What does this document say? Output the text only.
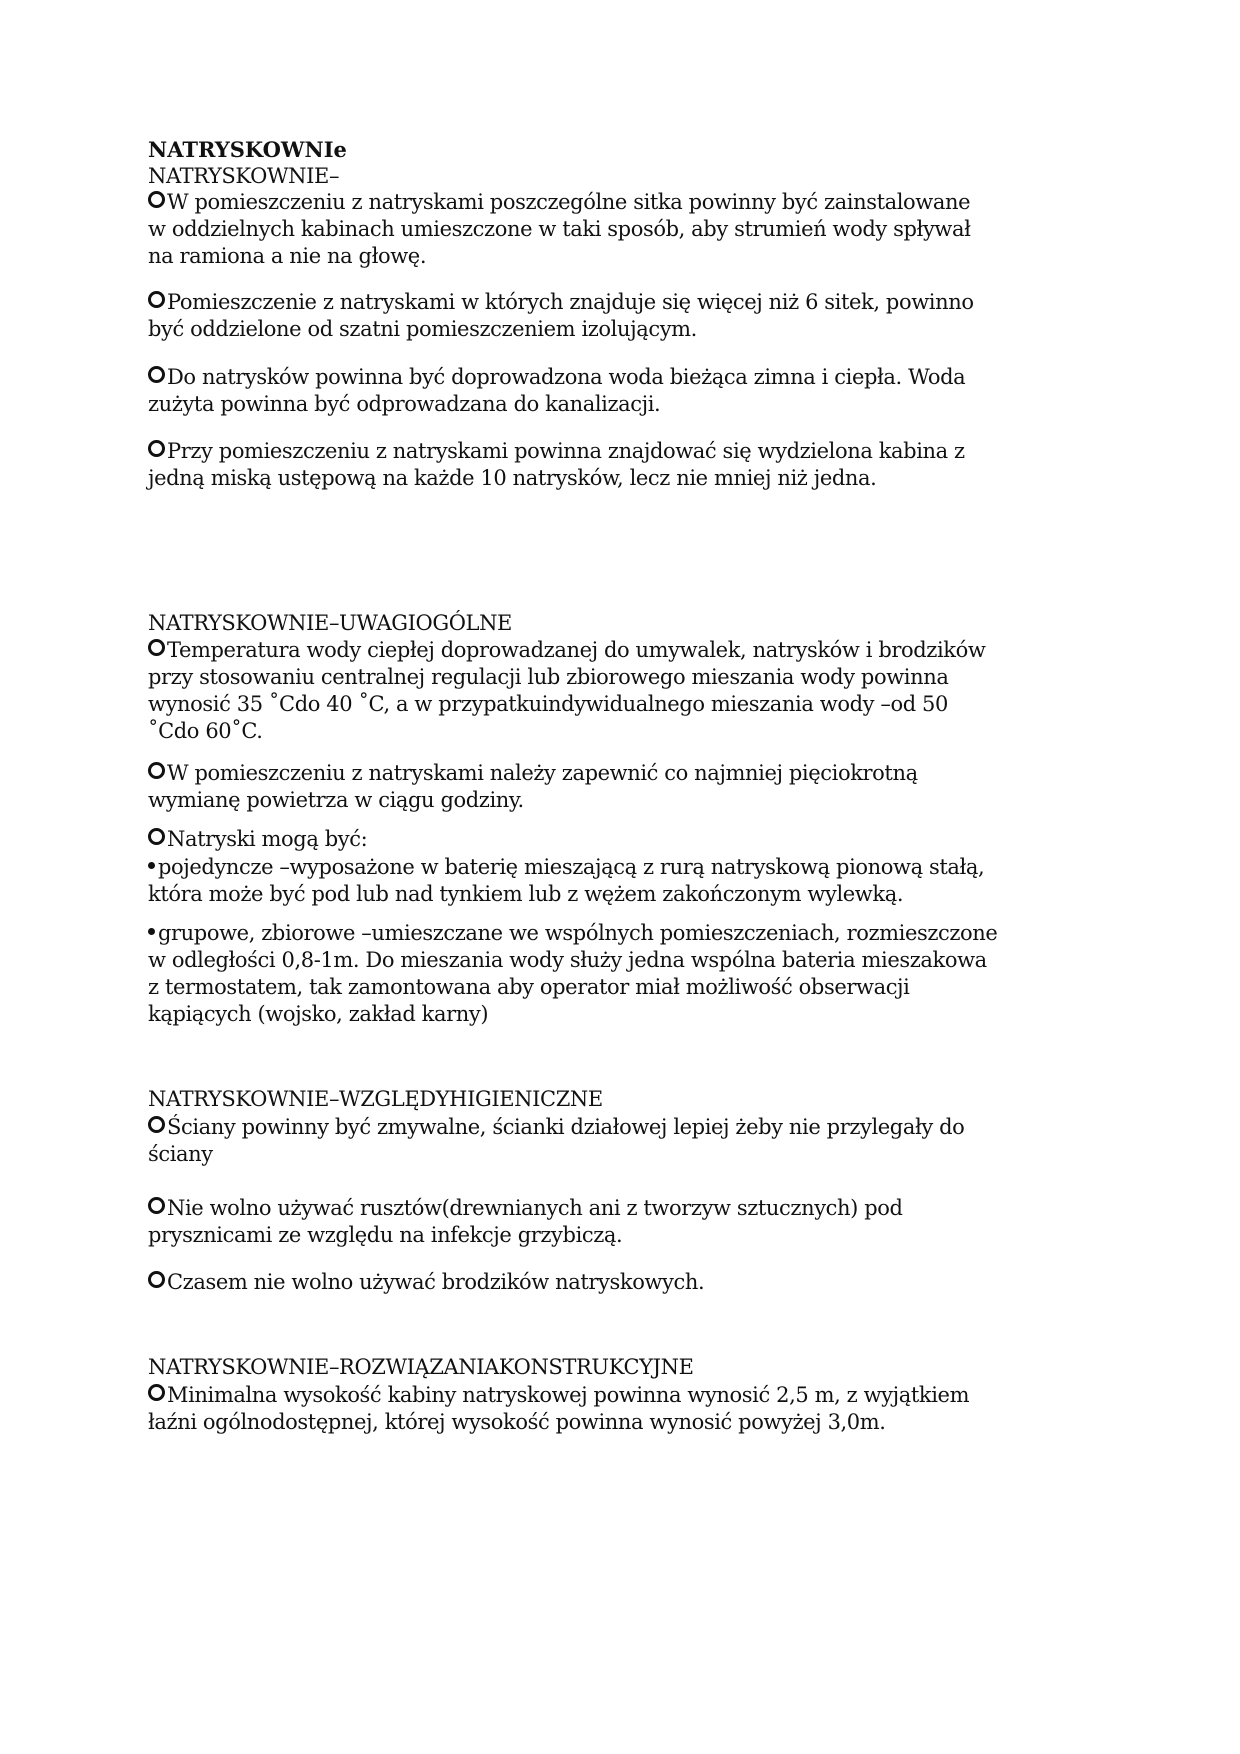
NATRYSKOWNIe
NATRYSKOWNIE–
W pomieszczeniu z natryskami poszczególne sitka powinny być zainstalowane
w oddzielnych kabinach umieszczone w taki sposób, aby strumień wody spływał
na ramiona a nie na głowę.
Pomieszczenie z natryskami w których znajduje się więcej niż 6 sitek, powinno
być oddzielone od szatni pomieszczeniem izolującym.
Do natrysków powinna być doprowadzona woda bieżąca zimna i ciepła. Woda
zużyta powinna być odprowadzana do kanalizacji.
Przy pomieszczeniu z natryskami powinna znajdować się wydzielona kabina z
jedną miską ustępową na każde 10 natrysków, lecz nie mniej niż jedna.
NATRYSKOWNIE–UWAGIOGÓLNE
Temperatura wody ciepłej doprowadzanej do umywalek, natrysków i brodzików
przy stosowaniu centralnej regulacji lub zbiorowego mieszania wody powinna
wynosić 35 ˚Cdo 40 ˚C, a w przypatkuindywidualnego mieszania wody –od 50
˚Cdo 60˚C.
W pomieszczeniu z natryskami należy zapewnić co najmniej pięciokrotną
wymianę powietrza w ciągu godziny.
Natryski mogą być:
pojedyncze –wyposażone w baterię mieszającą z rurą natryskową pionową stałą,
która może być pod lub nad tynkiem lub z wężem zakończonym wylewką.
grupowe, zbiorowe –umieszczane we wspólnych pomieszczeniach, rozmieszczone
w odległości 0,8-1m. Do mieszania wody służy jedna wspólna bateria mieszakowa
z termostatem, tak zamontowana aby operator miał możliwość obserwacji
kąpiących (wojsko, zakład karny)
NATRYSKOWNIE–WZGLĘDYHIGIENICZNE
Ściany powinny być zmywalne, ścianki działowej lepiej żeby nie przylegały do
ściany
Nie wolno używać rusztów(drewnianych ani z tworzyw sztucznych) pod
prysznicami ze względu na infekcje grzybiczą.
Czasem nie wolno używać brodzików natryskowych.
NATRYSKOWNIE–ROZWIĄZANIAKONSTRUKCYJNE
Minimalna wysokość kabiny natryskowej powinna wynosić 2,5 m, z wyjątkiem
łaźni ogólnodostępnej, której wysokość powinna wynosić powyżej 3,0m.
